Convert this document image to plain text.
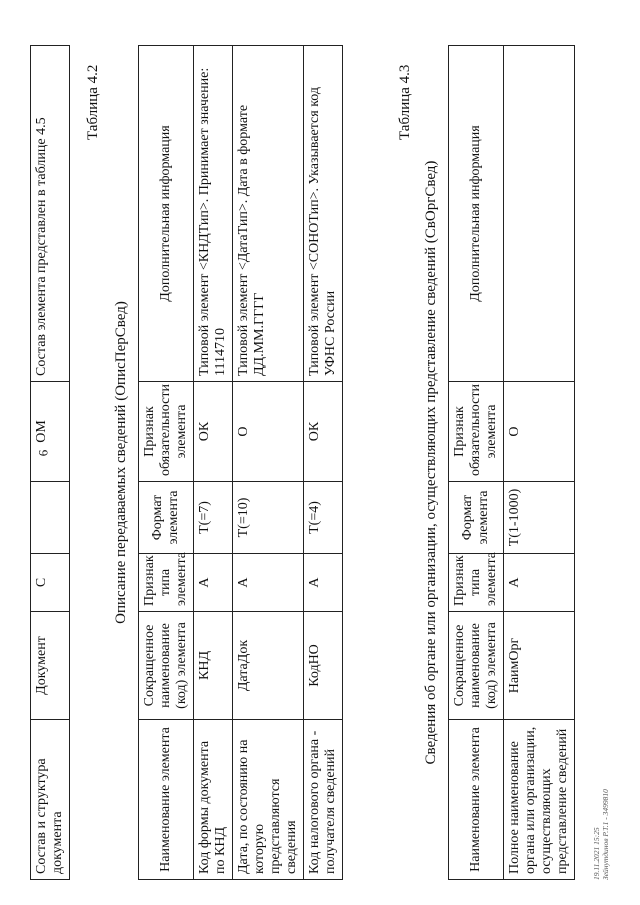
6
Состав и структура документа	Документ	С		ОМ	Состав элемента представлен в таблице 4.5
Таблица 4.2
Описание передаваемых сведений (ОписПерСвед)
Наименование элемента	Сокращенное наименование (код) элемента	Признак типа элемента	Формат элемента	Признак обязательности элемента	Дополнительная информация
Код формы документа по КНД	КНД	А	Т(=7)	ОК	Типовой элемент <КНДТип>. Принимает значение: 1114710
Дата, по состоянию на которую представляются сведения	ДатаДок	А	Т(=10)	О	Типовой элемент <ДатаТип>. Дата в формате ДД.ММ.ГГГГ
Код налогового органа - получателя сведений	КодНО	А	Т(=4)	ОК	Типовой элемент <СОНОТип>. Указывается код УФНС России
Таблица 4.3
Сведения об органе или организации, осуществляющих представление сведений (СвОргСвед)
Наименование элемента	Сокращенное наименование (код) элемента	Признак типа элемента	Формат элемента	Признак обязательности элемента	Дополнительная информация
Полное наименование органа или организации, осуществляющих представление сведений	НаимОрг	А	Т(1-1000)	О	
19.11.2021 15:25 Зейнутдинов Р.Т.1 - 3499810
